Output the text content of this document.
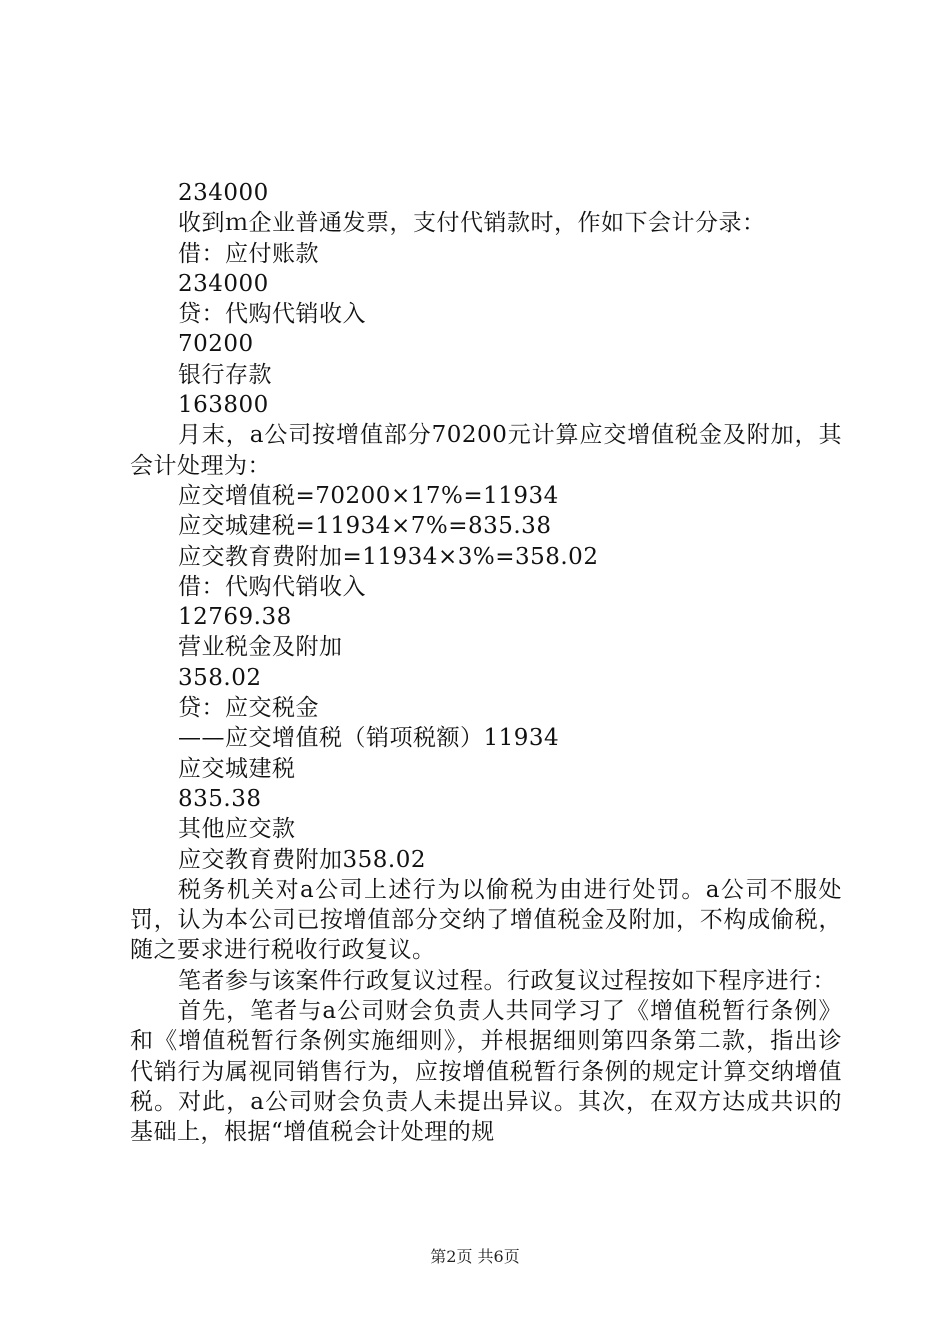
234000
收到ｍ企业普通发票，支付代销款时，作如下会计分录：
借：应付账款
234000
贷：代购代销收入
70200
银行存款
163800

月末，a公司按增值部分70200元计算应交增值税金及附加，其会计处理为：

应交增值税=70200×17%=11934
应交城建税=11934×7%=835.38
应交教育费附加=11934×3%=358.02
借：代购代销收入
12769.38
营业税金及附加
358.02
贷：应交税金
——应交增值税（销项税额）11934
应交城建税
835.38
其他应交款
应交教育费附加358.02

税务机关对a公司上述行为以偷税为由进行处罚。a公司不服处罚，认为本公司已按增值部分交纳了增值税金及附加，不构成偷税，随之要求进行税收行政复议。

笔者参与该案件行政复议过程。行政复议过程按如下程序进行：

首先，笔者与a公司财会负责人共同学习了《增值税暂行条例》和《增值税暂行条例实施细则》，并根据细则第四条第二款，指出诊代销行为属视同销售行为，应按增值税暂行条例的规定计算交纳增值税。对此，a公司财会负责人未提出异议。其次，在双方达成共识的基础上，根据“增值税会计处理的规

第2页 共6页
